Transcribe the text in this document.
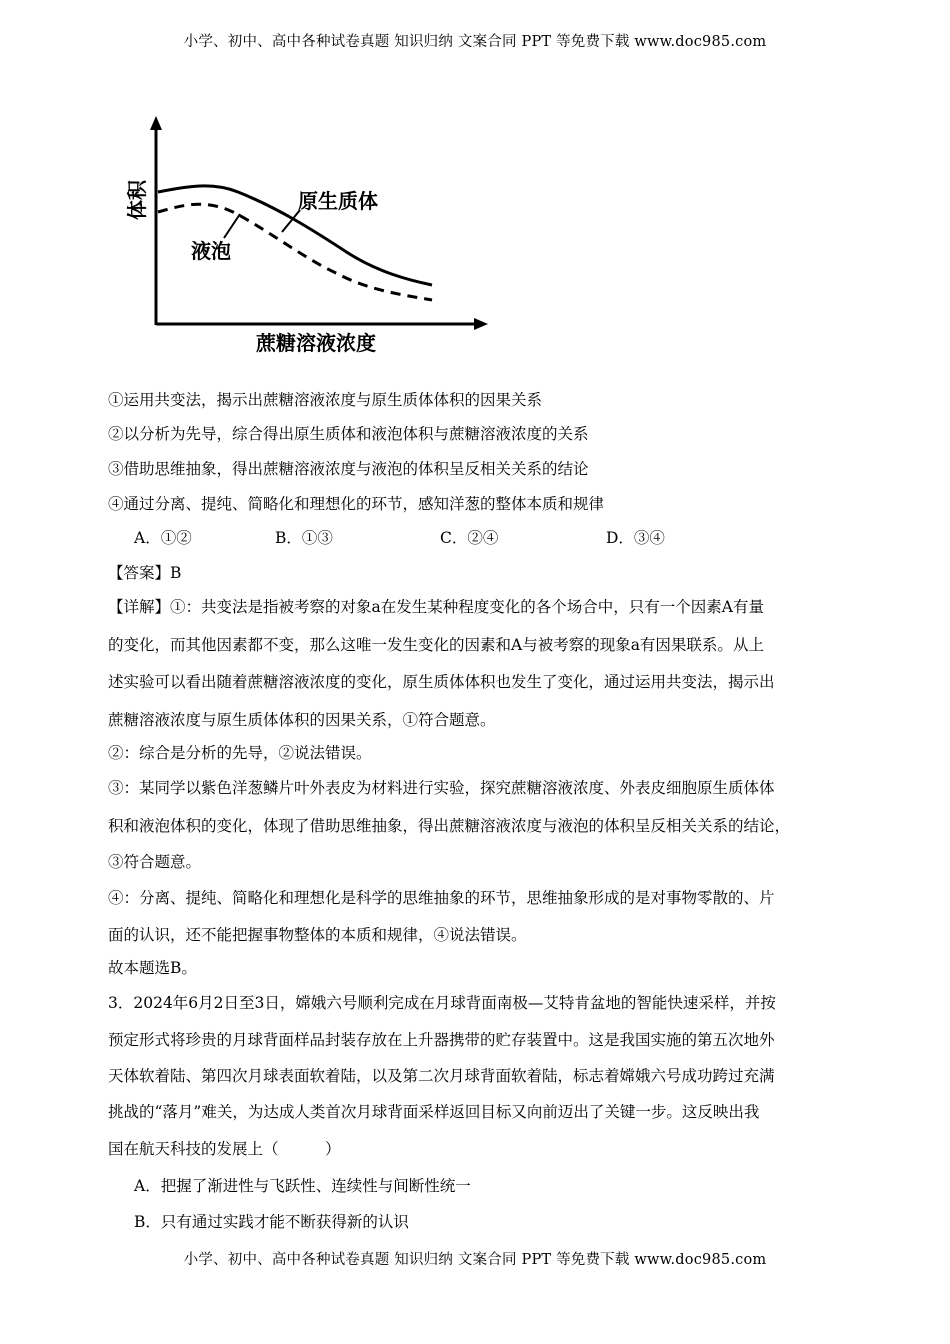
小学、初中、高中各种试卷真题 知识归纳 文案合同 PPT 等免费下载 www.doc985.com
体积	原生质体
液泡
蔗糖溶液浓度
①运用共变法，揭示出蔗糖溶液浓度与原生质体体积的因果关系
②以分析为先导，综合得出原生质体和液泡体积与蔗糖溶液浓度的关系
③借助思维抽象，得出蔗糖溶液浓度与液泡的体积呈反相关关系的结论
④通过分离、提纯、简略化和理想化的环节，感知洋葱的整体本质和规律
A．①②	B．①③	C．②④	D．③④
【答案】B
【详解】①：共变法是指被考察的对象a在发生某种程度变化的各个场合中，只有一个因素A有量
的变化，而其他因素都不变，那么这唯一发生变化的因素和A与被考察的现象a有因果联系。从上
述实验可以看出随着蔗糖溶液浓度的变化，原生质体体积也发生了变化，通过运用共变法，揭示出
蔗糖溶液浓度与原生质体体积的因果关系，①符合题意。
②：综合是分析的先导，②说法错误。
③：某同学以紫色洋葱鳞片叶外表皮为材料进行实验，探究蔗糖溶液浓度、外表皮细胞原生质体体
积和液泡体积的变化，体现了借助思维抽象，得出蔗糖溶液浓度与液泡的体积呈反相关关系的结论，
③符合题意。
④：分离、提纯、简略化和理想化是科学的思维抽象的环节，思维抽象形成的是对事物零散的、片
面的认识，还不能把握事物整体的本质和规律，④说法错误。
故本题选B。
3．2024年6月2日至3日，嫦娥六号顺利完成在月球背面南极—艾特肯盆地的智能快速采样，并按
预定形式将珍贵的月球背面样品封装存放在上升器携带的贮存装置中。这是我国实施的第五次地外
天体软着陆、第四次月球表面软着陆，以及第二次月球背面软着陆，标志着嫦娥六号成功跨过充满
挑战的“落月”难关，为达成人类首次月球背面采样返回目标又向前迈出了关键一步。这反映出我
国在航天科技的发展上（　　　）
A．把握了渐进性与飞跃性、连续性与间断性统一
B．只有通过实践才能不断获得新的认识
小学、初中、高中各种试卷真题 知识归纳 文案合同 PPT 等免费下载 www.doc985.com
